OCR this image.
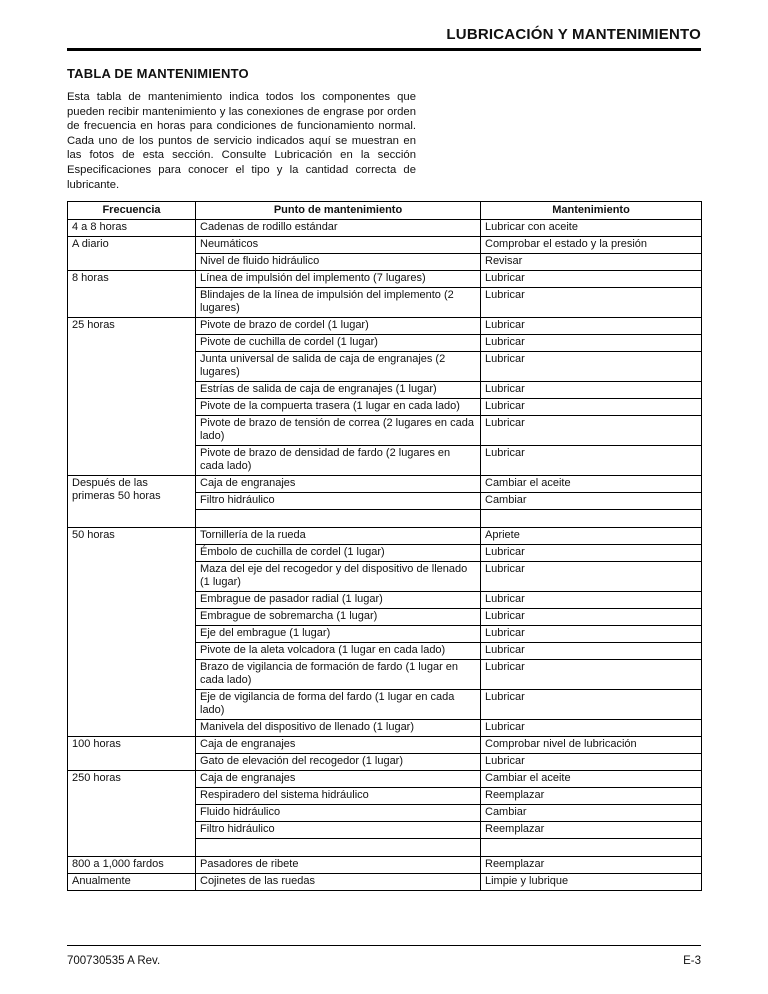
LUBRICACIÓN Y MANTENIMIENTO
TABLA DE MANTENIMIENTO

Esta tabla de mantenimiento indica todos los componentes que pueden recibir mantenimiento y las conexiones de engrase por orden de frecuencia en horas para condiciones de funcionamiento normal. Cada uno de los puntos de servicio indicados aquí se muestran en las fotos de esta sección. Consulte Lubricación en la sección Especificaciones para conocer el tipo y la cantidad correcta de lubricante.

Frecuencia	Punto de mantenimiento	Mantenimiento
4 a 8 horas	Cadenas de rodillo estándar	Lubricar con aceite
A diario	Neumáticos	Comprobar el estado y la presión
	Nivel de fluido hidráulico	Revisar
8 horas	Línea de impulsión del implemento (7 lugares)	Lubricar
	Blindajes de la línea de impulsión del implemento (2 lugares)	Lubricar
25 horas	Pivote de brazo de cordel (1 lugar)	Lubricar
	Pivote de cuchilla de cordel (1 lugar)	Lubricar
	Junta universal de salida de caja de engranajes (2 lugares)	Lubricar
	Estrías de salida de caja de engranajes (1 lugar)	Lubricar
	Pivote de la compuerta trasera (1 lugar en cada lado)	Lubricar
	Pivote de brazo de tensión de correa (2 lugares en cada lado)	Lubricar
	Pivote de brazo de densidad de fardo (2 lugares en cada lado)	Lubricar
Después de las primeras 50 horas	Caja de engranajes	Cambiar el aceite
	Filtro hidráulico	Cambiar

50 horas	Tornillería de la rueda	Apriete
	Émbolo de cuchilla de cordel (1 lugar)	Lubricar
	Maza del eje del recogedor y del dispositivo de llenado (1 lugar)	Lubricar
	Embrague de pasador radial (1 lugar)	Lubricar
	Embrague de sobremarcha (1 lugar)	Lubricar
	Eje del embrague (1 lugar)	Lubricar
	Pivote de la aleta volcadora (1 lugar en cada lado)	Lubricar
	Brazo de vigilancia de formación de fardo (1 lugar en cada lado)	Lubricar
	Eje de vigilancia de forma del fardo (1 lugar en cada lado)	Lubricar
	Manivela del dispositivo de llenado (1 lugar)	Lubricar
100 horas	Caja de engranajes	Comprobar nivel de lubricación
	Gato de elevación del recogedor (1 lugar)	Lubricar
250 horas	Caja de engranajes	Cambiar el aceite
	Respiradero del sistema hidráulico	Reemplazar
	Fluido hidráulico	Cambiar
	Filtro hidráulico	Reemplazar

800 a 1,000 fardos	Pasadores de ribete	Reemplazar
Anualmente	Cojinetes de las ruedas	Limpie y lubrique
700730535 A Rev.	E-3
